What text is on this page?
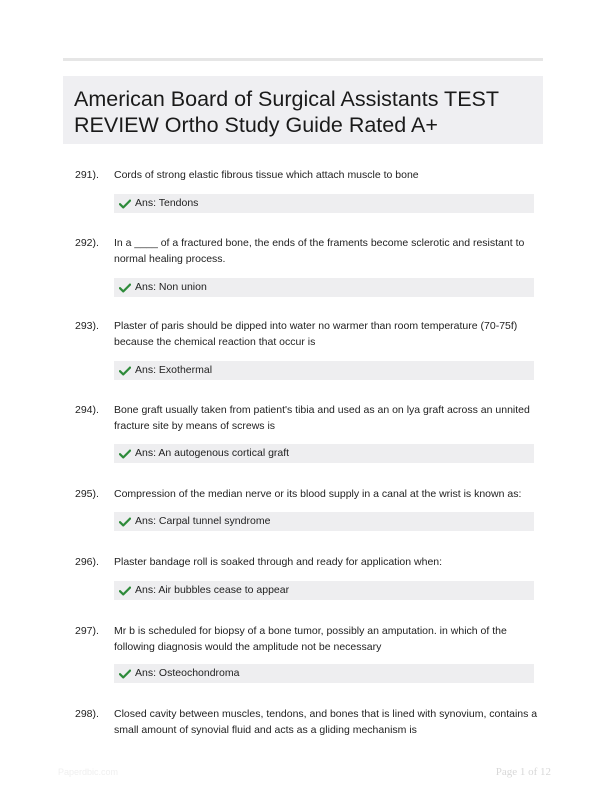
American Board of Surgical Assistants TEST
REVIEW Ortho Study Guide Rated A+
291). Cords of strong elastic fibrous tissue which attach muscle to bone
Ans: Tendons
292). In a ____ of a fractured bone, the ends of the framents become sclerotic and resistant to normal healing process.
Ans: Non union
293). Plaster of paris should be dipped into water no warmer than room temperature (70-75f) because the chemical reaction that occur is
Ans: Exothermal
294). Bone graft usually taken from patient's tibia and used as an on lya graft across an unnited fracture site by means of screws is
Ans: An autogenous cortical graft
295). Compression of the median nerve or its blood supply in a canal at the wrist is known as:
Ans: Carpal tunnel syndrome
296). Plaster bandage roll is soaked through and ready for application when:
Ans: Air bubbles cease to appear
297). Mr b is scheduled for biopsy of a bone tumor, possibly an amputation. in which of the following diagnosis would the amplitude not be necessary
Ans: Osteochondroma
298). Closed cavity between muscles, tendons, and bones that is lined with synovium, contains a small amount of synovial fluid and acts as a gliding mechanism is
Paperdbic.com	Page 1 of 12
